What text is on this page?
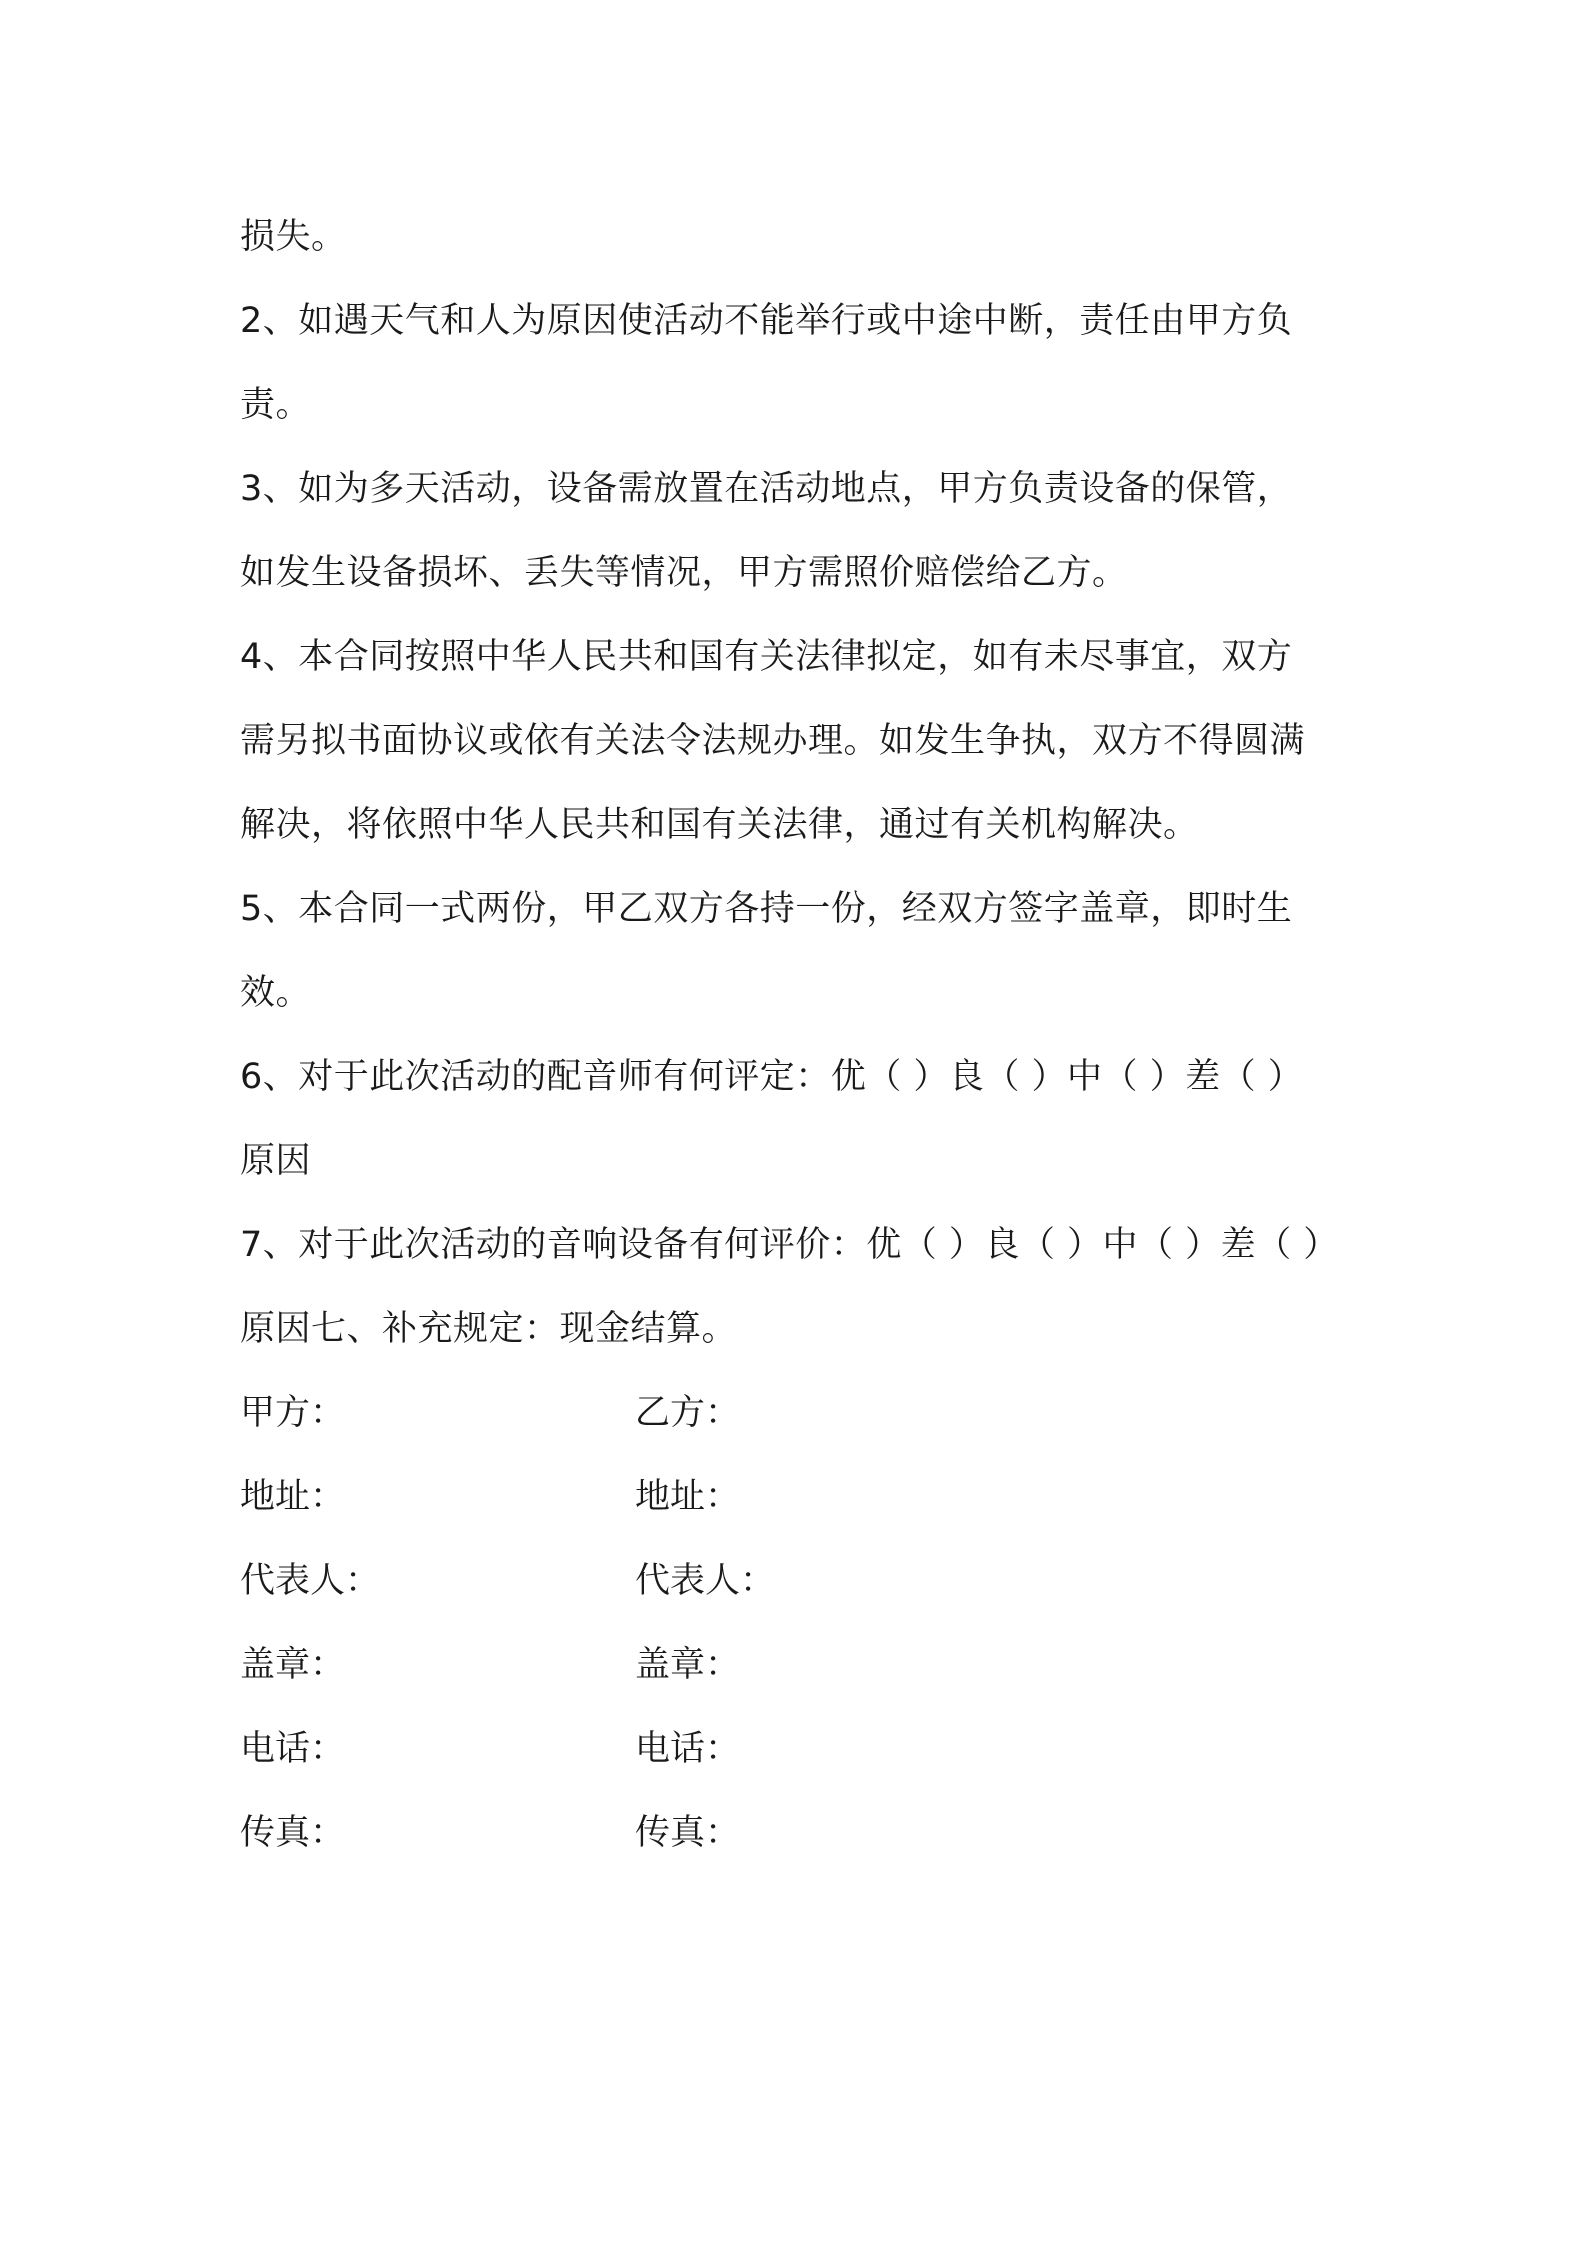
损失。
2、如遇天气和人为原因使活动不能举行或中途中断，责任由甲方负
责。
3、如为多天活动，设备需放置在活动地点，甲方负责设备的保管，
如发生设备损坏、丢失等情况，甲方需照价赔偿给乙方。
4、本合同按照中华人民共和国有关法律拟定，如有未尽事宜，双方
需另拟书面协议或依有关法令法规办理。如发生争执，双方不得圆满
解决，将依照中华人民共和国有关法律，通过有关机构解决。
5、本合同一式两份，甲乙双方各持一份，经双方签字盖章，即时生
效。
6、对于此次活动的配音师有何评定：优（ ）良（ ）中（ ）差（ ）
原因
7、对于此次活动的音响设备有何评价：优（ ）良（ ）中（ ）差（ ）
原因七、补充规定：现金结算。
甲方：	乙方：
地址：	地址：
代表人：	代表人：
盖章：	盖章：
电话：	电话：
传真：	传真：
